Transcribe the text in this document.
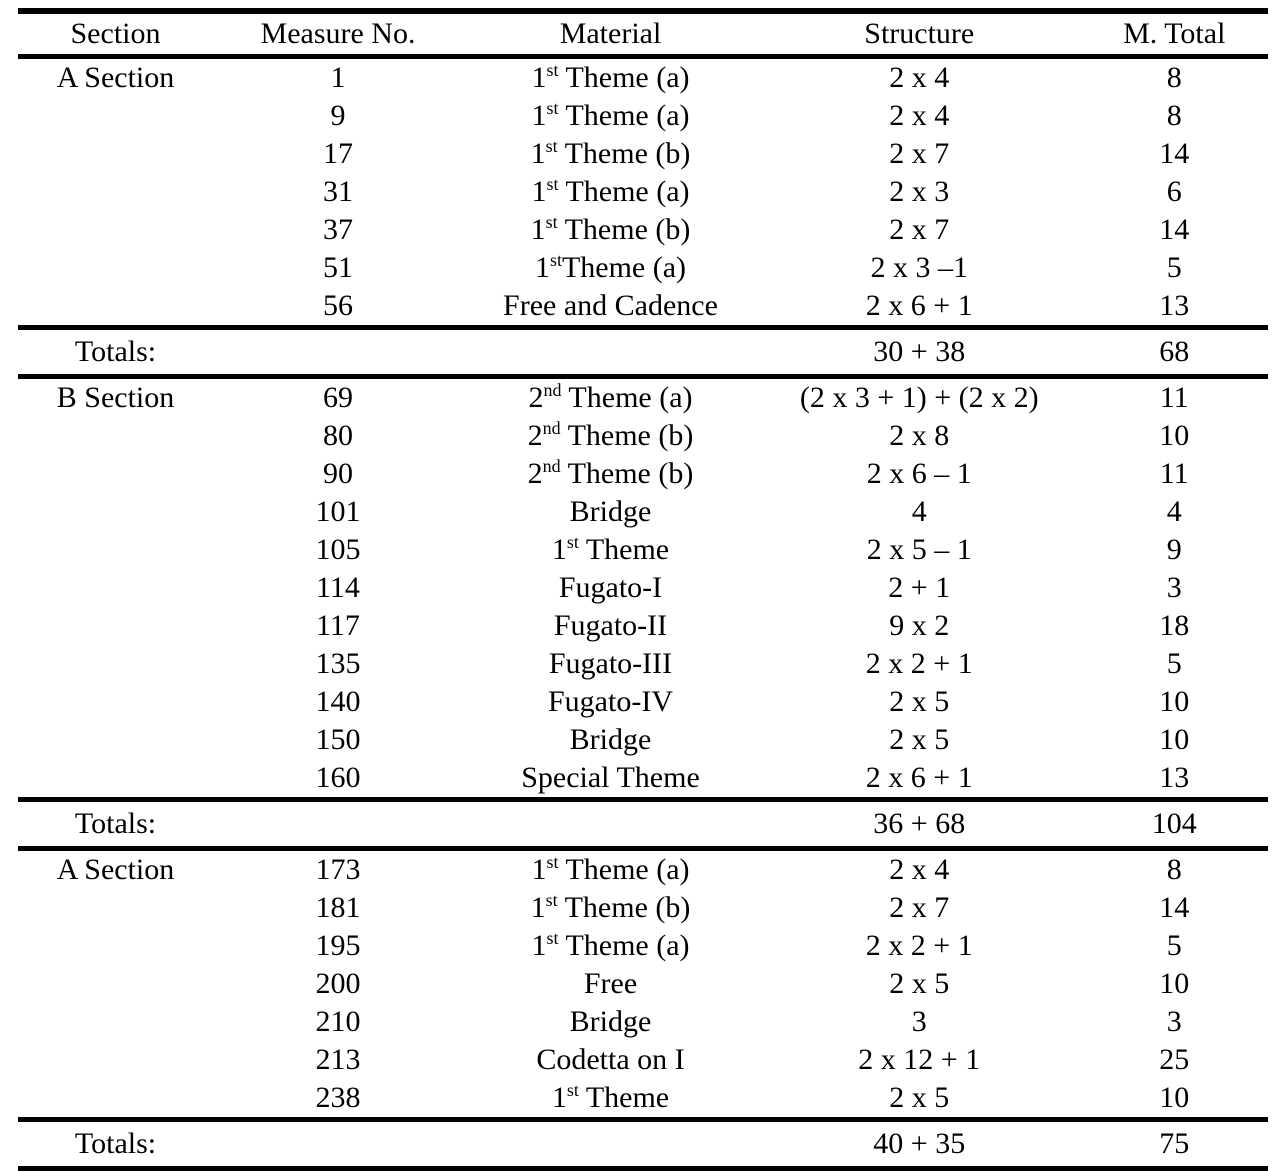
Section	Measure No.	Material	Structure	M. Total
A Section	1	1st Theme (a)	2 x 4	8
	9	1st Theme (a)	2 x 4	8
	17	1st Theme (b)	2 x 7	14
	31	1st Theme (a)	2 x 3	6
	37	1st Theme (b)	2 x 7	14
	51	1stTheme (a)	2 x 3 –1	5
	56	Free and Cadence	2 x 6 + 1	13
Totals:			30 + 38	68
B Section	69	2nd Theme (a)	(2 x 3 + 1) + (2 x 2)	11
	80	2nd Theme (b)	2 x 8	10
	90	2nd Theme (b)	2 x 6 – 1	11
	101	Bridge	4	4
	105	1st Theme	2 x 5 – 1	9
	114	Fugato-I	2 + 1	3
	117	Fugato-II	9 x 2	18
	135	Fugato-III	2 x 2 + 1	5
	140	Fugato-IV	2 x 5	10
	150	Bridge	2 x 5	10
	160	Special Theme	2 x 6 + 1	13
Totals:			36 + 68	104
A Section	173	1st Theme (a)	2 x 4	8
	181	1st Theme (b)	2 x 7	14
	195	1st Theme (a)	2 x 2 + 1	5
	200	Free	2 x 5	10
	210	Bridge	3	3
	213	Codetta on I	2 x 12 + 1	25
	238	1st Theme	2 x 5	10
Totals:			40 + 35	75
